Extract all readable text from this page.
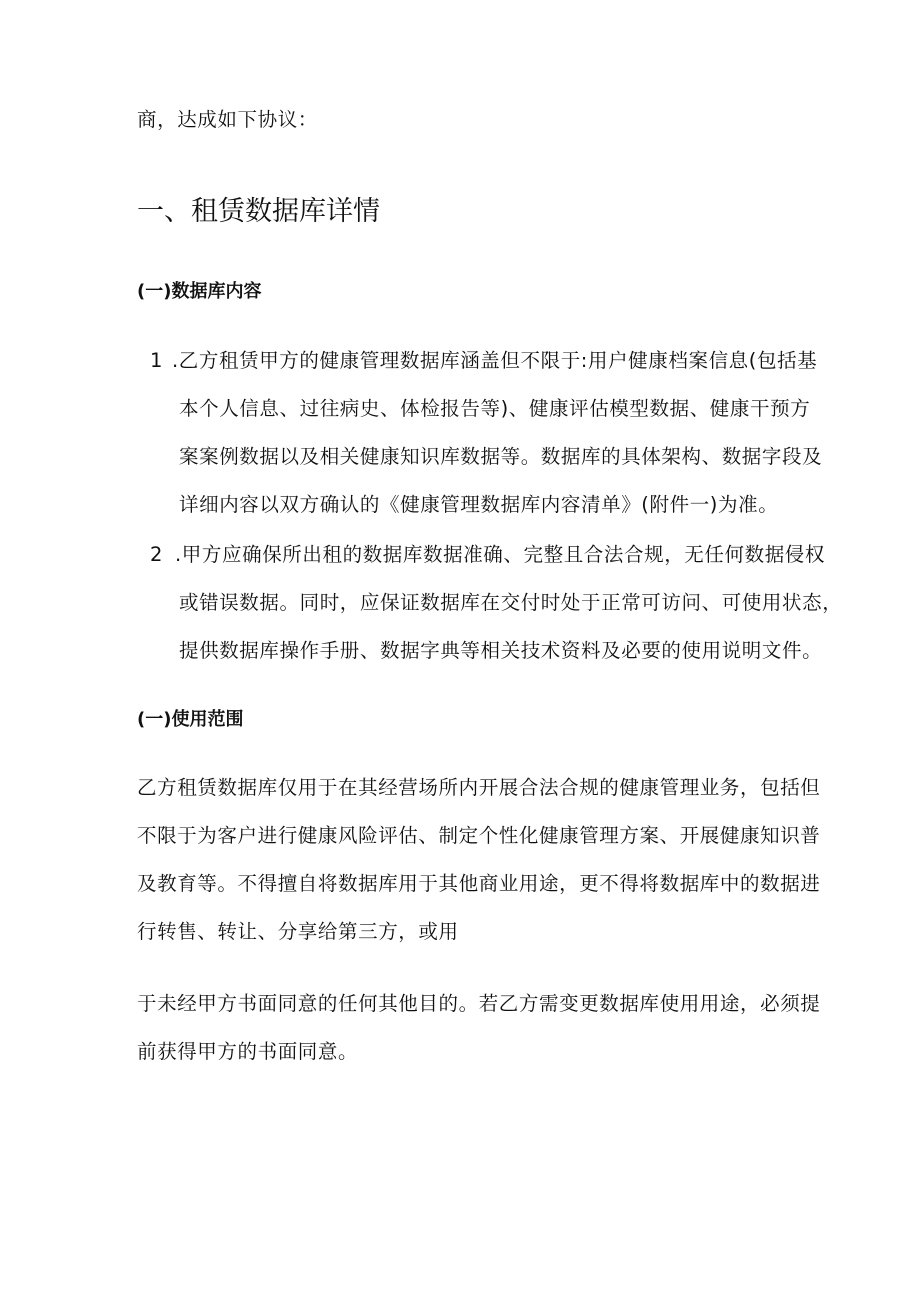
商，达成如下协议：
一、租赁数据库详情
(一)数据库内容
1 .乙方租赁甲方的健康管理数据库涵盖但不限于:用户健康档案信息(包括基
本个人信息、过往病史、体检报告等)、健康评估模型数据、健康干预方
案案例数据以及相关健康知识库数据等。数据库的具体架构、数据字段及
详细内容以双方确认的《健康管理数据库内容清单》(附件一)为准。
2 .甲方应确保所出租的数据库数据准确、完整且合法合规，无任何数据侵权
或错误数据。同时，应保证数据库在交付时处于正常可访问、可使用状态，
提供数据库操作手册、数据字典等相关技术资料及必要的使用说明文件。
(一)使用范围
乙方租赁数据库仅用于在其经营场所内开展合法合规的健康管理业务，包括但
不限于为客户进行健康风险评估、制定个性化健康管理方案、开展健康知识普
及教育等。不得擅自将数据库用于其他商业用途，更不得将数据库中的数据进
行转售、转让、分享给第三方，或用
于未经甲方书面同意的任何其他目的。若乙方需变更数据库使用用途，必须提
前获得甲方的书面同意。
